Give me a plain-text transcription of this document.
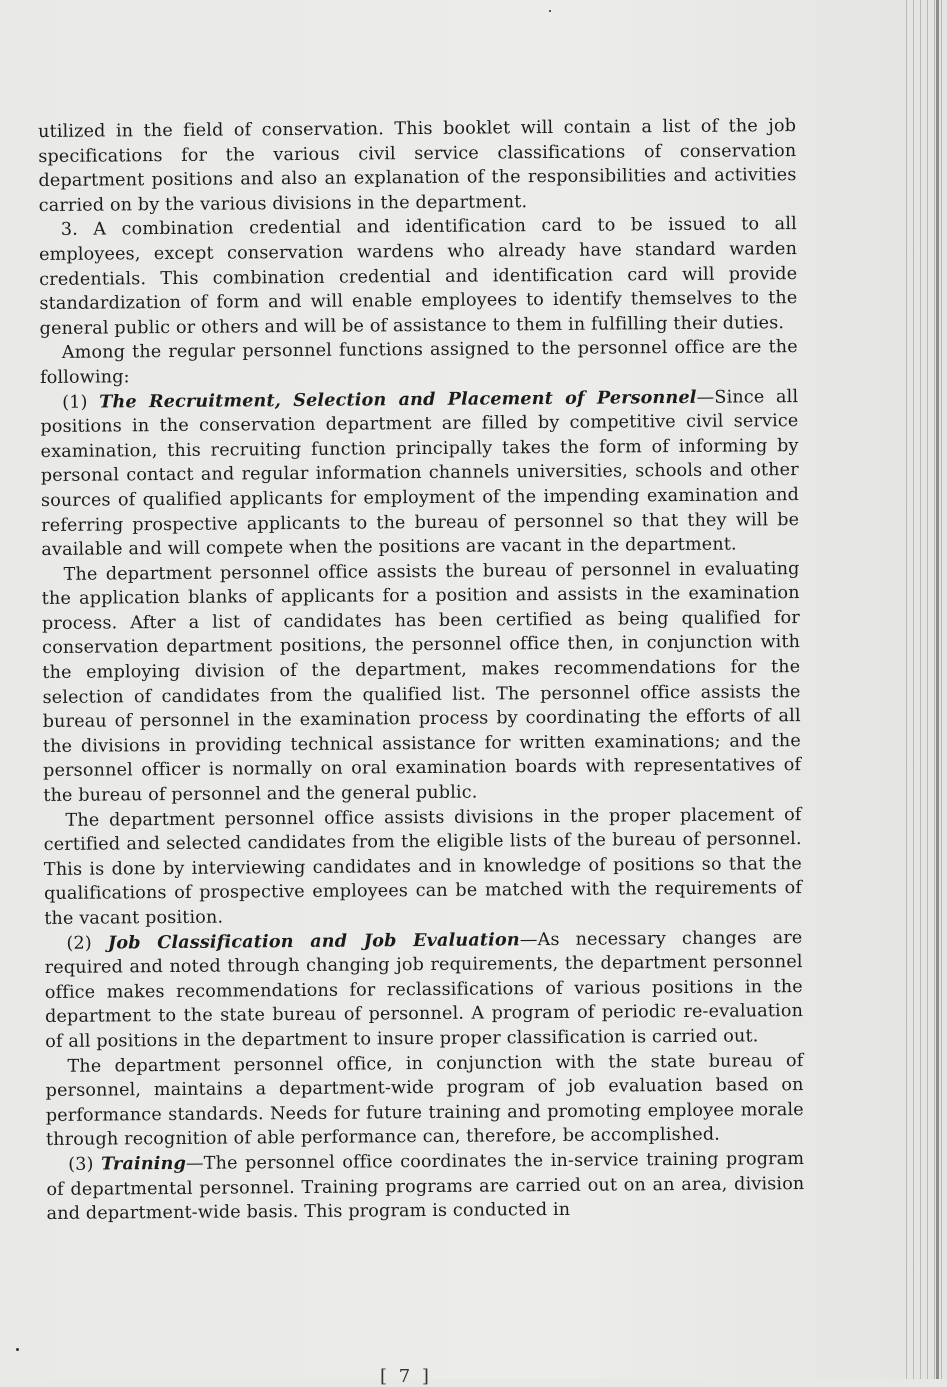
utilized in the field of conservation. This booklet will contain a list of the job specifications for the various civil service classifications of conservation department positions and also an explanation of the responsibilities and activities carried on by the various divisions in the department.

3. A combination credential and identification card to be issued to all employees, except conservation wardens who already have standard warden credentials. This combination credential and identification card will provide standardization of form and will enable employees to identify themselves to the general public or others and will be of assistance to them in fulfilling their duties.

Among the regular personnel functions assigned to the personnel office are the following:

(1) The Recruitment, Selection and Placement of Personnel—Since all positions in the conservation department are filled by competitive civil service examination, this recruiting function principally takes the form of informing by personal contact and regular information channels universities, schools and other sources of qualified applicants for employment of the impending examination and referring prospective applicants to the bureau of personnel so that they will be available and will compete when the positions are vacant in the department.

The department personnel office assists the bureau of personnel in evaluating the application blanks of applicants for a position and assists in the examination process. After a list of candidates has been certified as being qualified for conservation department positions, the personnel office then, in conjunction with the employing division of the department, makes recommendations for the selection of candidates from the qualified list. The personnel office assists the bureau of personnel in the examination process by coordinating the efforts of all the divisions in providing technical assistance for written examinations; and the personnel officer is normally on oral examination boards with representatives of the bureau of personnel and the general public.

The department personnel office assists divisions in the proper placement of certified and selected candidates from the eligible lists of the bureau of personnel. This is done by interviewing candidates and in knowledge of positions so that the qualifications of prospective employees can be matched with the requirements of the vacant position.

(2) Job Classification and Job Evaluation—As necessary changes are required and noted through changing job requirements, the department personnel office makes recommendations for reclassifications of various positions in the department to the state bureau of personnel. A program of periodic re-evaluation of all positions in the department to insure proper classification is carried out.

The department personnel office, in conjunction with the state bureau of personnel, maintains a department-wide program of job evaluation based on performance standards. Needs for future training and promoting employee morale through recognition of able performance can, therefore, be accomplished.

(3) Training—The personnel office coordinates the in-service training program of departmental personnel. Training programs are carried out on an area, division and department-wide basis. This program is conducted in

[ 7 ]
